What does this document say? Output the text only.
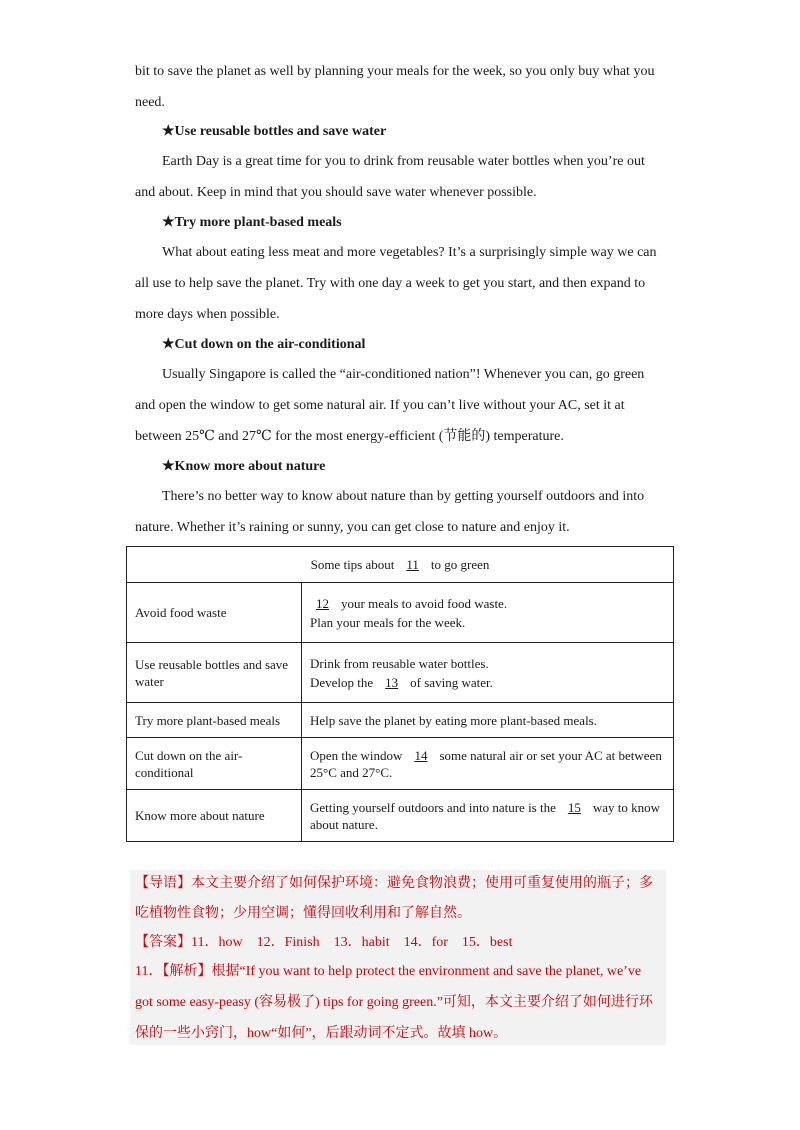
bit to save the planet as well by planning your meals for the week, so you only buy what you
need.
★Use reusable bottles and save water
Earth Day is a great time for you to drink from reusable water bottles when you’re out
and about. Keep in mind that you should save water whenever possible.
★Try more plant-based meals
What about eating less meat and more vegetables? It’s a surprisingly simple way we can
all use to help save the planet. Try with one day a week to get you start, and then expand to
more days when possible.
★Cut down on the air-conditional
Usually Singapore is called the “air-conditioned nation”! Whenever you can, go green
and open the window to get some natural air. If you can’t live without your AC, set it at
between 25℃ and 27℃ for the most energy-efficient (节能的) temperature.
★Know more about nature
There’s no better way to know about nature than by getting yourself outdoors and into
nature. Whether it’s raining or sunny, you can get close to nature and enjoy it.
Some tips about 11 to go green	
Avoid food waste	12 your meals to avoid food waste.
Plan your meals for the week.

Use reusable bottles and save water	Drink from reusable water bottles.
Develop the 13 of saving water.

Try more plant-based meals	Help save the planet by eating more plant-based meals.
Cut down on the air-conditional	Open the window 14 some natural air or set your AC at between 25°C and 27°C.
Know more about nature	Getting yourself outdoors and into nature is the 15 way to know about nature.
【导语】本文主要介绍了如何保护环境：避免食物浪费；使用可重复使用的瓶子；多
吃植物性食物；少用空调；懂得回收利用和了解自然。
【答案】11．how　12．Finish　13．habit　14．for　15．best
11．【解析】根据“If you want to help protect the environment and save the planet, we’ve
got some easy-peasy (容易极了) tips for going green.”可知，本文主要介绍了如何进行环
保的一些小窍门，how“如何”，后跟动词不定式。故填 how。
